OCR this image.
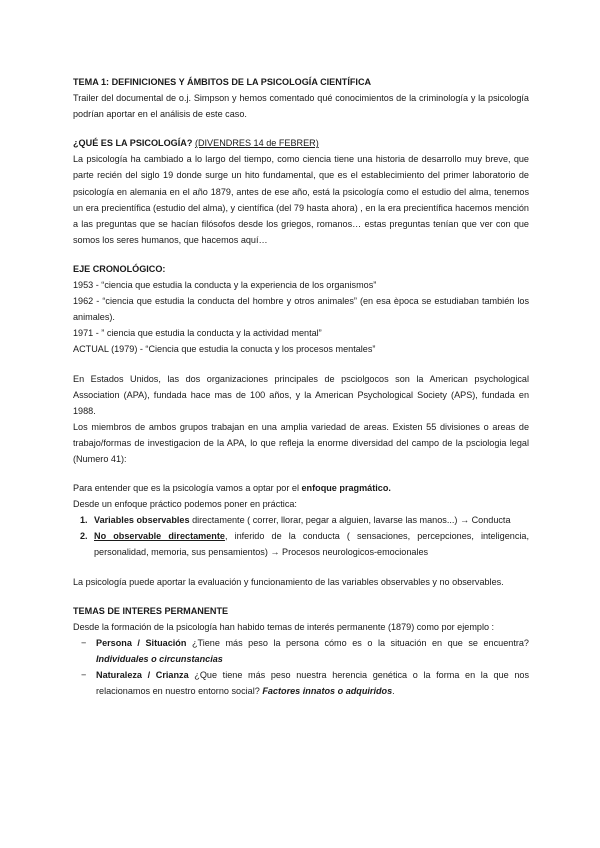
TEMA 1: DEFINICIONES Y ÁMBITOS DE LA PSICOLOGÍA CIENTÍFICA

Trailer del documental de o.j. Simpson y hemos comentado qué conocimientos de la criminología y la psicología podrían aportar en el análisis de este caso.

¿QUÉ ES LA PSICOLOGÍA? (DIVENDRES 14 de FEBRER)

La psicología ha cambiado a lo largo del tiempo, como ciencia tiene una historia de desarrollo muy breve, que parte recién del siglo 19 donde surge un hito fundamental, que es el establecimiento del primer laboratorio de psicología en alemania en el año 1879, antes de ese año, está la psicología como el estudio del alma, tenemos un era precientífica (estudio del alma), y científica (del 79 hasta ahora) , en la era precientífica hacemos mención a las preguntas que se hacían filósofos desde los griegos, romanos… estas preguntas tenían que ver con que somos los seres humanos, que hacemos aquí…

EJE CRONOLÓGICO:

1953 - “ciencia que estudia la conducta y la experiencia de los organismos”

1962 - “ciencia que estudia la conducta del hombre y otros animales” (en esa època se estudiaban también los animales).

1971 - ” ciencia que estudia la conducta y la actividad mental”

ACTUAL (1979) - “Ciencia que estudia la conucta y los procesos mentales”

En Estados Unidos, las dos organizaciones principales de psciolgocos son la American psychological Association (APA), fundada hace mas de 100 años, y la American Psychological Society (APS), fundada en 1988.

Los miembros de ambos grupos trabajan en una amplia variedad de areas. Existen 55 divisiones o areas de trabajo/formas de investigacion de la APA, lo que refleja la enorme diversidad del campo de la psciologia legal (Numero 41):

Para entender que es la psicología vamos a optar por el enfoque pragmático.

Desde un enfoque práctico podemos poner en práctica:

1. Variables observables directamente ( correr, llorar, pegar a alguien, lavarse las manos...) → Conducta
2. No observable directamente, inferido de la conducta ( sensaciones, percepciones, inteligencia, personalidad, memoria, sus pensamientos) → Procesos neurologicos-emocionales

La psicología puede aportar la evaluación y funcionamiento de las variables observables y no observables.

TEMAS DE INTERES PERMANENTE

Desde la formación de la psicología han habido temas de interés permanente (1879) como por ejemplo :

− Persona / Situación ¿Tiene más peso la persona cómo es o la situación en que se encuentra?Individuales o circunstancias
− Naturaleza / Crianza ¿Que tiene más peso nuestra herencia genética o la forma en la que nos relacionamos en nuestro entorno social? Factores innatos o adquiridos.
